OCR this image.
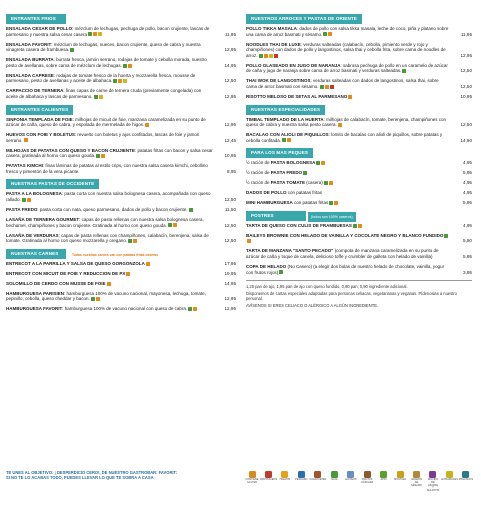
ENTRANTES FRIOS
ENSALADA CESAR DE POLLO: mézclum de lechugas, pechuga de pollo, bacon crujiente, lascas de parmesano y nuestra salsa cesar casera	11,95
ENSALADA FAVORIT: mézclum de lechugas, nueces, bacon crujiente, queso de cabra y nuestra vinagreta casera de frambuesa.	12,95
ENSALADA BURRATA: burrata fresca, jamón serrano, rodajas de tomate y cebolla morada, nuestro pesto de avellanas, sobre cama de mézclum de lechugas.	14,95
ENSALADA CAPRESE: rodajas de tomate fresco de la huerta y mozzarella fresca, mousse de parmesano, pesto de avellanas y aceite de albahaca.	12,50
CARPACCIO DE TERNERA: finas capas de carne de ternera cruda (previamente congelada) con aceite de albahaca y lascas de parmesano.	12,95
ENTRANTES CALIENTES
SINFONIA TEMPLADA DE FOIE: milhojas de micuit de foie, manzana caramelizada en su punto de azúcar de caña, queso de cabra, y espolada de mermelada de higos.	12,95
HUEVOS CON FOIE Y BOLETUS: revuelto con boletus y ajos confitados, lascas de foie y jamon serrano.	12,45
MILHOJAS DE PATATAS CON QUESO Y BACON CRUJIENTE: patatas fritas con bacon y salsa cesar casera, gratinada al horno con queso gouda.	10,95
PATATAS KIMCHI: finas láminas de patatas al estilo crips, con nuestra salsa casera kimchi, cebollino fresco y pimentón de la vera picante.	8,95
NUESTRAS PASTAS DE OCCIDENTE
PASTA A LA BOLOGNESA: pasta corta con nuestra salsa bolognesa casera, acompañada con queso rallado.	12,50
PASTA FREDO: pasta corta con nata, queso parmesano, dados de pollo y bacon crujiente.	11,50
LASAÑA DE TERNERA GOURMET: capas de pasta rellenas con nuestra salsa bolognesa casera, bechamel, champiñones y bacon crujiente. Gratinada al horno con queso gouda.	12,50
LASAÑA DE VERDURAS: capas de pasta rellenas con champiñones, calabacín, berenjena, salsa de tomate. Gratinada al horno con queso mozzarella y oregano.	12,50
NUESTRAS CARNES	Todas nuestras carnes van con patatas fritas caseras
ENTRECOT A LA PARRILLA Y SALSA DE QUESO GORGONZOLA	17,95
ENTRECOT CON MICUIT DE FOIE Y REDUCCION DE PX	19,95
SOLOMILLO DE CERDO CON MUSSE DE FOIE	14,95
HAMBURGUESA PARISIEN: hamburguesa 100% de vacuno nacional, mayonesa, lechuga, tomate, pepinillo, cebolla, queso cheddar y bacon.	12,95
HAMBURGUESA FAVORIT: hamburguesa 100% de vacuno nacional con queso de cabra.	12,95
NUESTROS ARROCES Y PASTAS DE ORIENTE
POLLO TIKKA MASALA: dados de pollo con salsa tikka masala, leche de coco, piña y platano sobre una cama de arroz basmati y sésamo.	11,95
NOODLES THAI DE LUXE: verduras salteadas (calabacín, cebolla, pimiento verde y rojo y champiñones) con dados de pollo y langostinos, salsa thai y cebolla frita, sobre cama de noodles de arroz.	12,95
POLLO GLASEADO EN JUGO DE NARANJA: sabrosa pechuga de pollo en un caramelo de azúcar de caña y jugo de naranja sobre cama de arroz basmati y verduras salteadas.	12,50
THAI WOK DE LANGOSTINOS: verduras salteadas con dados de langostinos, salsa thai, sobre cama de arroz basmati con sésamo.	12,50
RISOTTO MELOSO DE SETAS AL PARMESANO	10,95
NUESTRAS ESPECIALIDADES
TIMBAL TEMPLADO DE LA HUERTA: milhojas de calabacín, tomate, berenjena, champiñones con queso de cabra y nuestra salsa pesto casera.	12,50
BACALAO CON ALIOLI DE PIQUILLOS: lomito de bacalao con alioli de piquillos, sobre patatas y cebolla confitada.	14,90
PARA LOS MAS PEQUES
½ ración de PASTA BOLOGNESA	4,95
½ ración de PASTA FREDO	5,95
½ ración de PASTA TOMATE (casera)	4,95
DADOS DE POLLO con patatas fritas	4,95
MINI HAMBURGUESA con patatas fritas	5,95
POSTRES	(todos son 100% caseros)
TARTA DE QUESO CON CULIS DE FRAMBUESAS	4,95
BAILEYS BROWNIE CON HELADO DE VAINILLA Y COCOLATE NEGRO Y BLANCO FUNDIDO
5,50
TARTA DE MANZANA "SANTO PECADO" (compota de manzana caramelizada en su punto de azúcar de caña y toque de canela, delicioso toffe y crumbler de galleta con helado de vainilla)	5,95
COPA DE HELADO (No Casero) (a elegir dos bolas de nuestro helado de chocolate, vainilla, yogur con frutos rojos)	3,95

1,25 pan de ajo, 1,95 pan de ajo con queso fundido, 0,90 pan; 0,90 ingrediente adicional.

Disponemos de cartas especiales adaptadas para personas celiacas, vegetarianas y veganas. Pídenoslas a nuestro personal.

AVÍSENOS SI ERES CELIACO O ALÉRGICO A ALGÚN INGREDIENTE.

TE UNES AL OBJETIVO: ¡ DESPERDICIO CERO!, DE NUESTRO GASTROBAR: FAVORIT:
SI NO TE LO ACABAS TODO, PUEDES LLEVAR LO QUE TE SOBRA A CASA	CONTIENE GLUTEN
CRUSTÁCEOS HUEVOS PESCADO CACAHUETES SOJA	LÁCTEOS	FRUTOS CÁSCARA
APIO	MOSTAZA GRANOS DE SÉSAMO
DIÓXIDO DE AZUFRE Y SULFITOS
ALTRAMUCES MOLUSCOS
